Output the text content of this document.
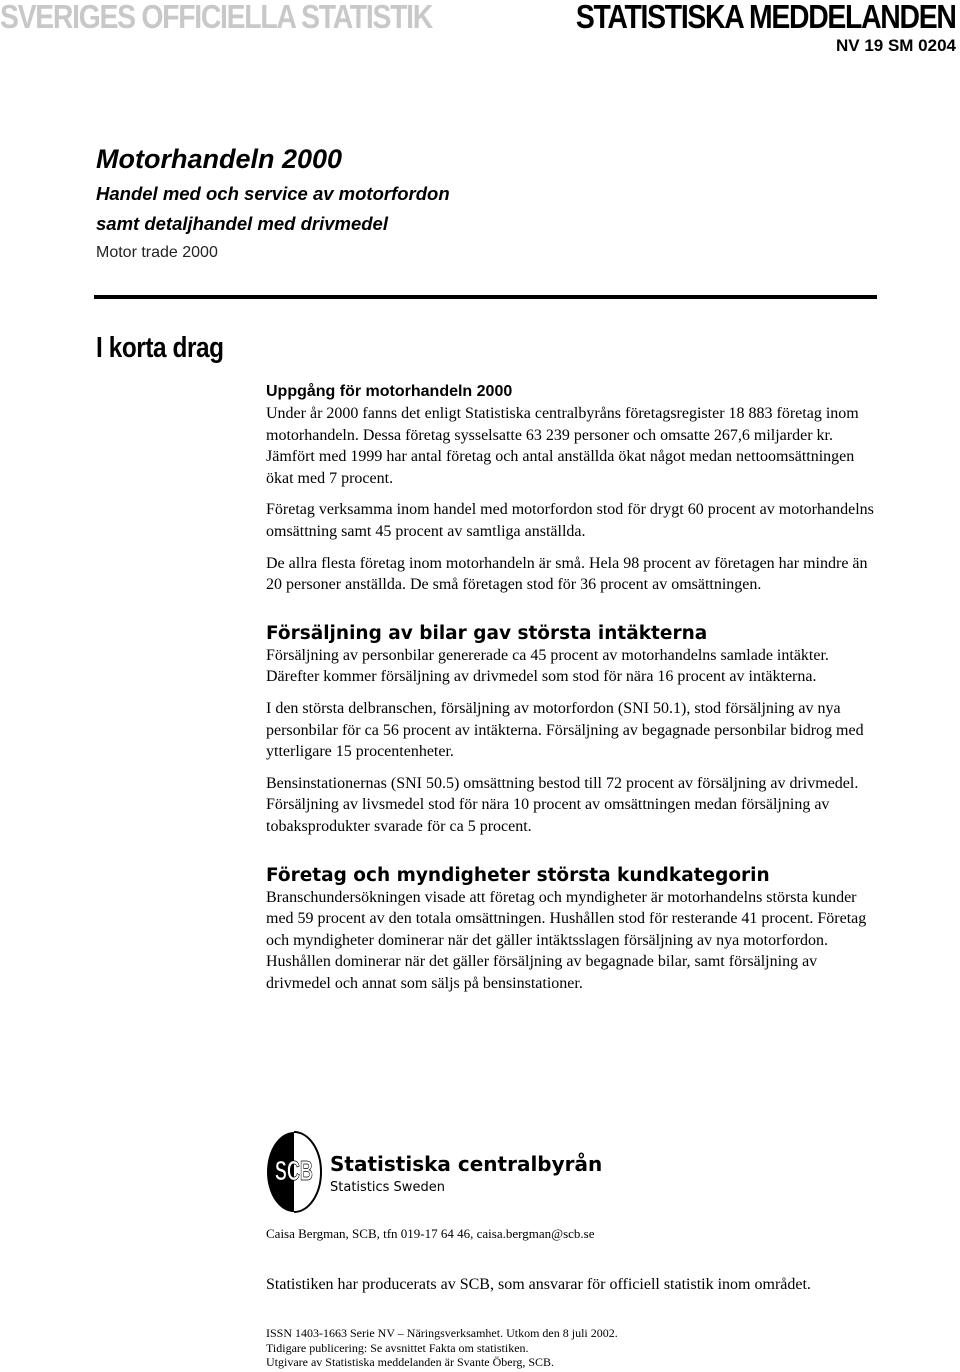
SVERIGES OFFICIELLA STATISTIK	STATISTISKA MEDDELANDEN
NV 19 SM 0204
Motorhandeln 2000
Handel med och service av motorfordon
samt detaljhandel med drivmedel
Motor trade 2000
I korta drag
Uppgång för motorhandeln 2000

Under år 2000 fanns det enligt Statistiska centralbyråns företagsregister 18 883 företag inom motorhandeln. Dessa företag sysselsatte 63 239 personer och omsatte 267,6 miljarder kr. Jämfört med 1999 har antal företag och antal anställda ökat något medan nettoomsättningen ökat med 7 procent.

Företag verksamma inom handel med motorfordon stod för drygt 60 procent av motorhandelns omsättning samt 45 procent av samtliga anställda.

De allra flesta företag inom motorhandeln är små. Hela 98 procent av företagen har mindre än 20 personer anställda. De små företagen stod för 36 procent av omsättningen.

Försäljning av bilar gav största intäkterna

Försäljning av personbilar genererade ca 45 procent av motorhandelns samlade intäkter. Därefter kommer försäljning av drivmedel som stod för nära 16 procent av intäkterna.

I den största delbranschen, försäljning av motorfordon (SNI 50.1), stod försäljning av nya personbilar för ca 56 procent av intäkterna. Försäljning av begagnade personbilar bidrog med ytterligare 15 procentenheter.

Bensinstationernas (SNI 50.5) omsättning bestod till 72 procent av försäljning av drivmedel. Försäljning av livsmedel stod för nära 10 procent av omsättningen medan försäljning av tobaksprodukter svarade för ca 5 procent.

Företag och myndigheter största kundkategorin

Branschundersökningen visade att företag och myndigheter är motorhandelns största kunder med 59 procent av den totala omsättningen. Hushållen stod för resterande 41 procent. Företag och myndigheter dominerar när det gäller intäktsslagen försäljning av nya motorfordon. Hushållen dominerar när det gäller försäljning av begagnade bilar, samt försäljning av drivmedel och annat som säljs på bensinstationer.

SCB Statistiska centralbyrån
Statistics Sweden
Caisa Bergman, SCB, tfn 019-17 64 46, caisa.bergman@scb.se

Statistiken har producerats av SCB, som ansvarar för officiell statistik inom området.

ISSN 1403-1663 Serie NV – Näringsverksamhet. Utkom den 8 juli 2002.
Tidigare publicering: Se avsnittet Fakta om statistiken.
Utgivare av Statistiska meddelanden är Svante Öberg, SCB.
